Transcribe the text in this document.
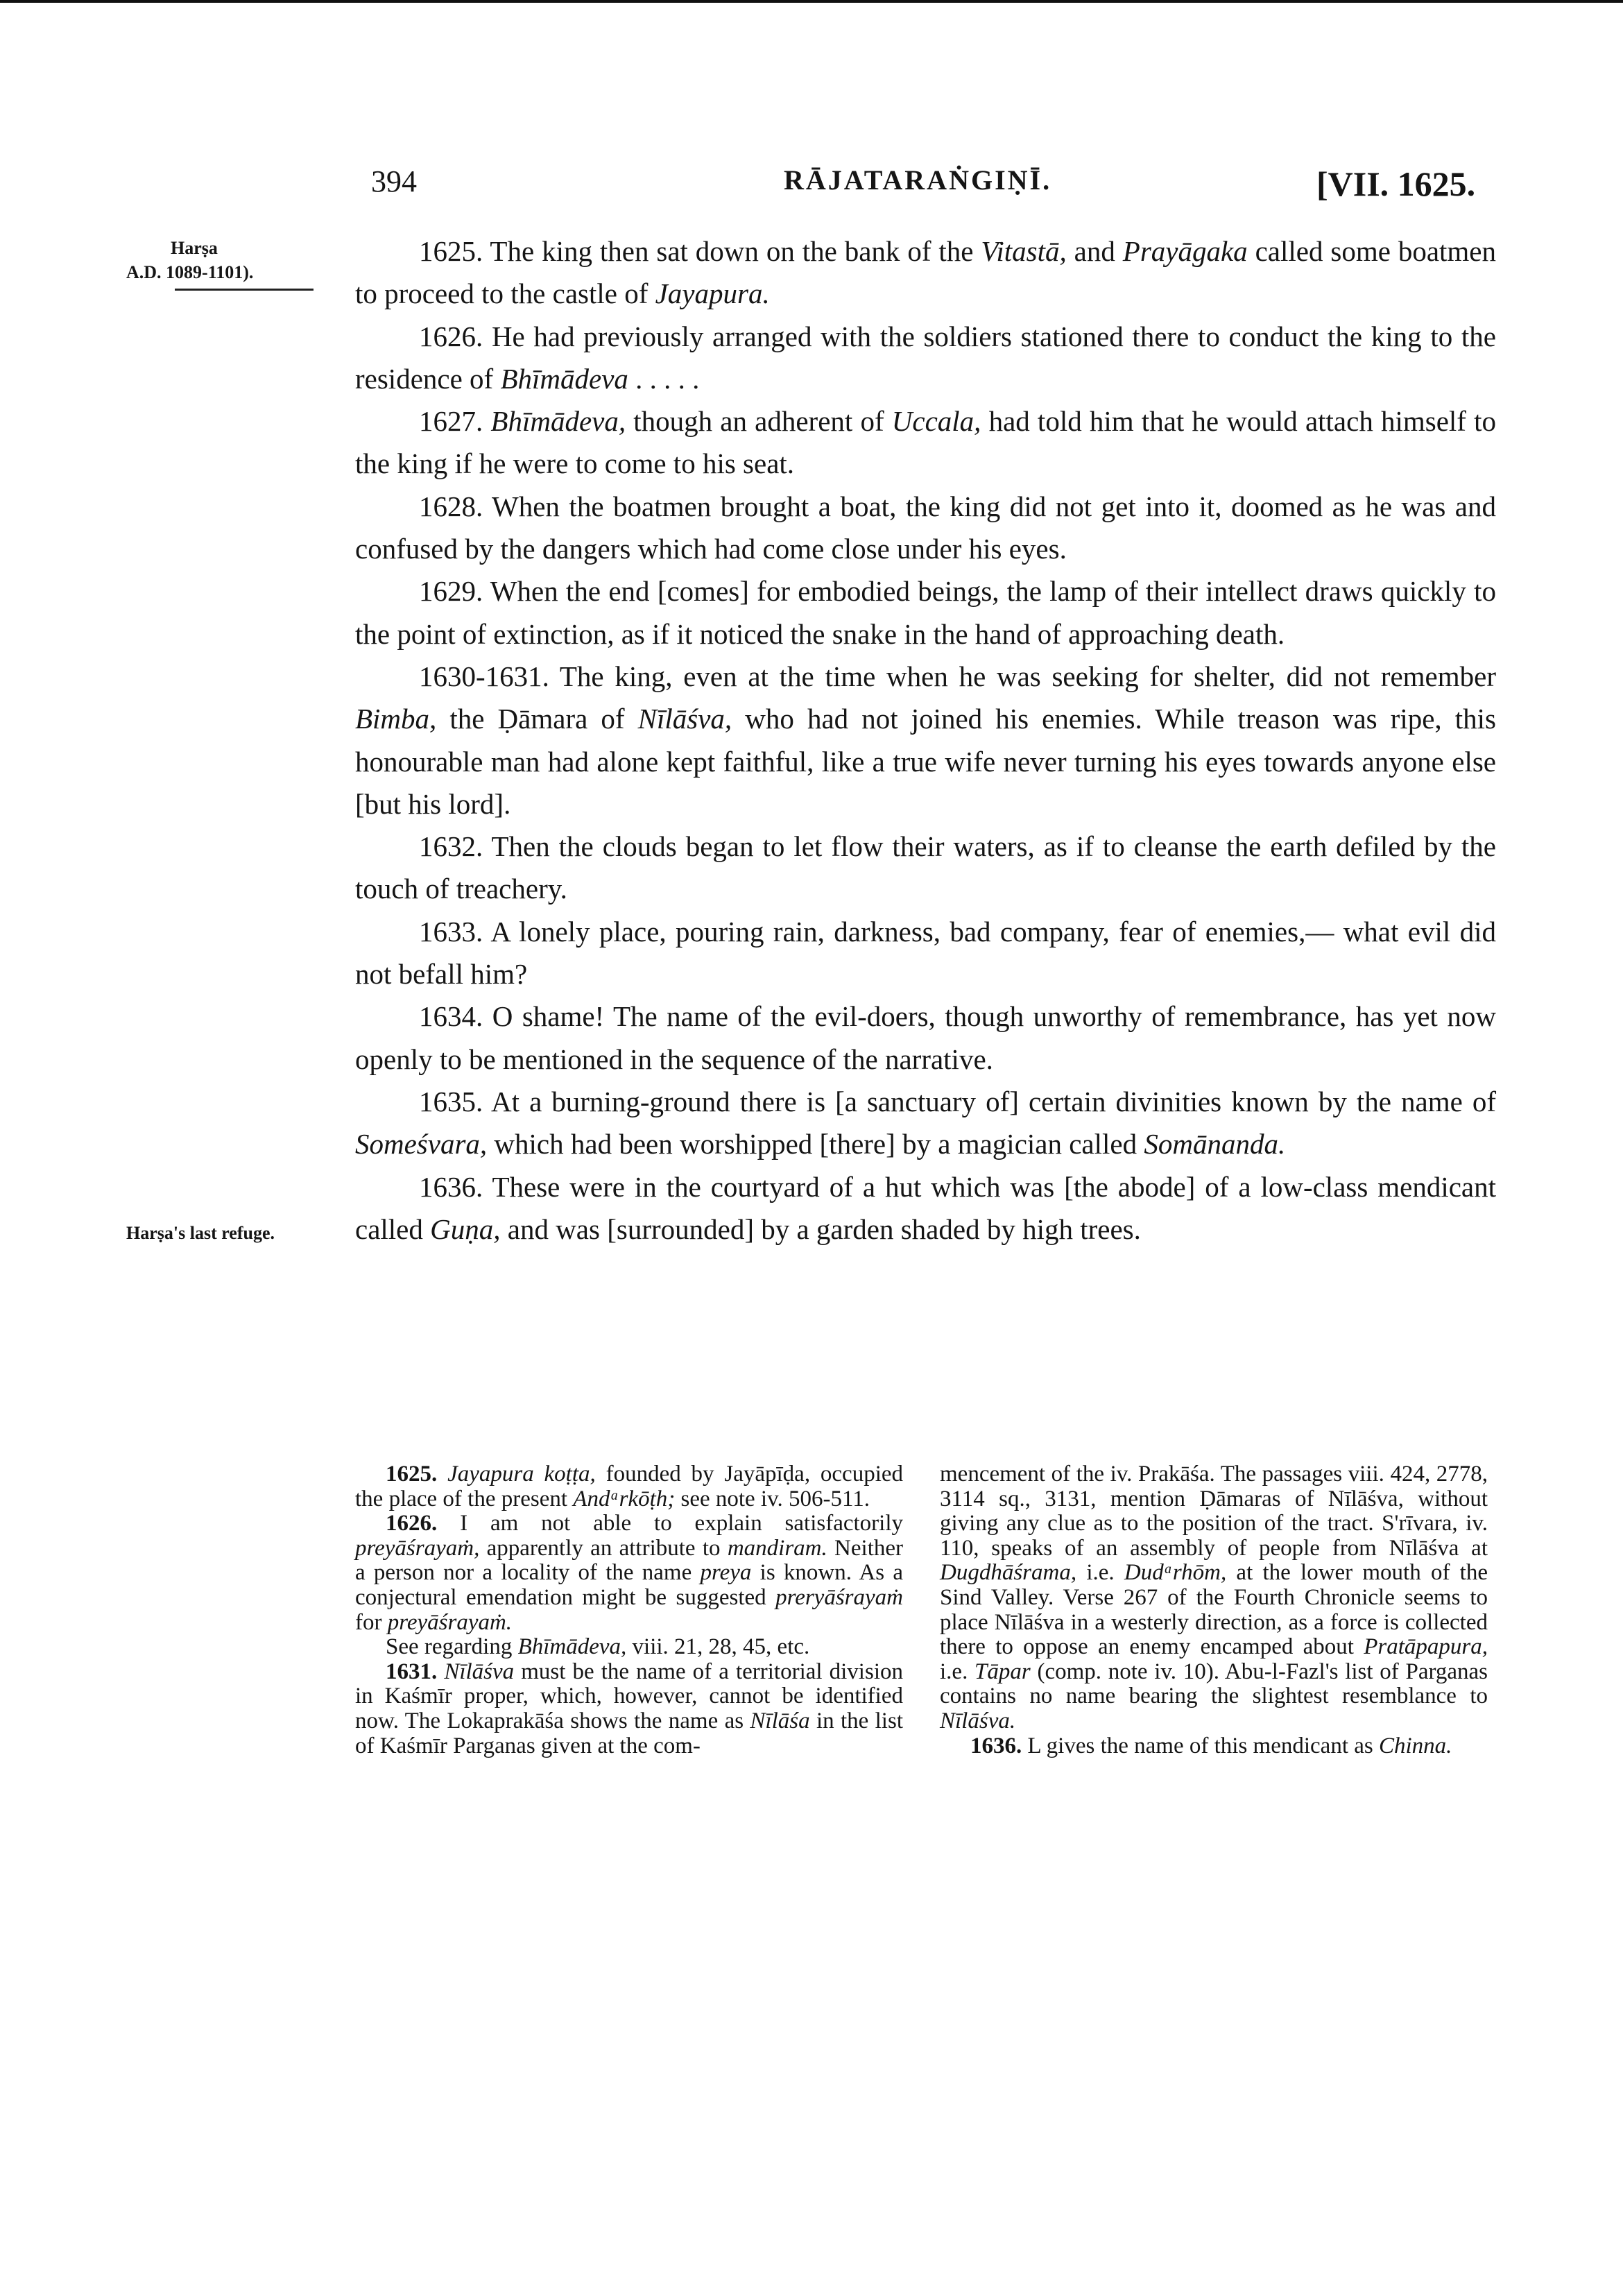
394	RĀJATARAṄGIṆĪ.	[VII. 1625.
Harṣa
A.D. 1089-1101).
Harṣa's last refuge.

1625. The king then sat down on the bank of the Vitastā, and Prayāgaka called some boatmen to proceed to the castle of Jayapura.

1626. He had previously arranged with the soldiers stationed there to conduct the king to the residence of Bhīmādeva . . . . .

1627. Bhīmādeva, though an adherent of Uccala, had told him that he would attach himself to the king if he were to come to his seat.

1628. When the boatmen brought a boat, the king did not get into it, doomed as he was and confused by the dangers which had come close under his eyes.

1629. When the end [comes] for embodied beings, the lamp of their intellect draws quickly to the point of extinction, as if it noticed the snake in the hand of approaching death.

1630-1631. The king, even at the time when he was seeking for shelter, did not remember Bimba, the Ḍāmara of Nīlāśva, who had not joined his enemies. While treason was ripe, this honourable man had alone kept faithful, like a true wife never turning his eyes towards anyone else [but his lord].

1632. Then the clouds began to let flow their waters, as if to cleanse the earth defiled by the touch of treachery.

1633. A lonely place, pouring rain, darkness, bad company, fear of enemies,— what evil did not befall him?

1634. O shame! The name of the evil-doers, though unworthy of remembrance, has yet now openly to be mentioned in the sequence of the narrative.

1635. At a burning-ground there is [a sanctuary of] certain divinities known by the name of Someśvara, which had been worshipped [there] by a magician called Somānanda.

1636. These were in the courtyard of a hut which was [the abode] of a low-class mendicant called Guṇa, and was [surrounded] by a garden shaded by high trees.

1625. Jayapura koṭṭa, founded by Jayāpīḍa, occupied the place of the present Andᵃrkōṭh; see note iv. 506-511.

1626. I am not able to explain satisfactorily preyāśrayaṁ, apparently an attribute to mandiram. Neither a person nor a locality of the name preya is known. As a conjectural emendation might be suggested preryāśrayaṁ for preyāśrayaṁ.

See regarding Bhīmādeva, viii. 21, 28, 45, etc.

1631. Nīlāśva must be the name of a territorial division in Kaśmīr proper, which, however, cannot be identified now. The Lokaprakāśa shows the name as Nīlāśa in the list of Kaśmīr Parganas given at the com-

mencement of the iv. Prakāśa. The passages viii. 424, 2778, 3114 sq., 3131, mention Ḍāmaras of Nīlāśva, without giving any clue as to the position of the tract. S'rīvara, iv. 110, speaks of an assembly of people from Nīlāśva at Dugdhāśrama, i.e. Dudᵃrhōm, at the lower mouth of the Sind Valley. Verse 267 of the Fourth Chronicle seems to place Nīlāśva in a westerly direction, as a force is collected there to oppose an enemy encamped about Pratāpapura, i.e. Tāpar (comp. note iv. 10). Abu-l-Fazl's list of Parganas contains no name bearing the slightest resemblance to Nīlāśva.

1636. L gives the name of this mendicant as Chinna.
